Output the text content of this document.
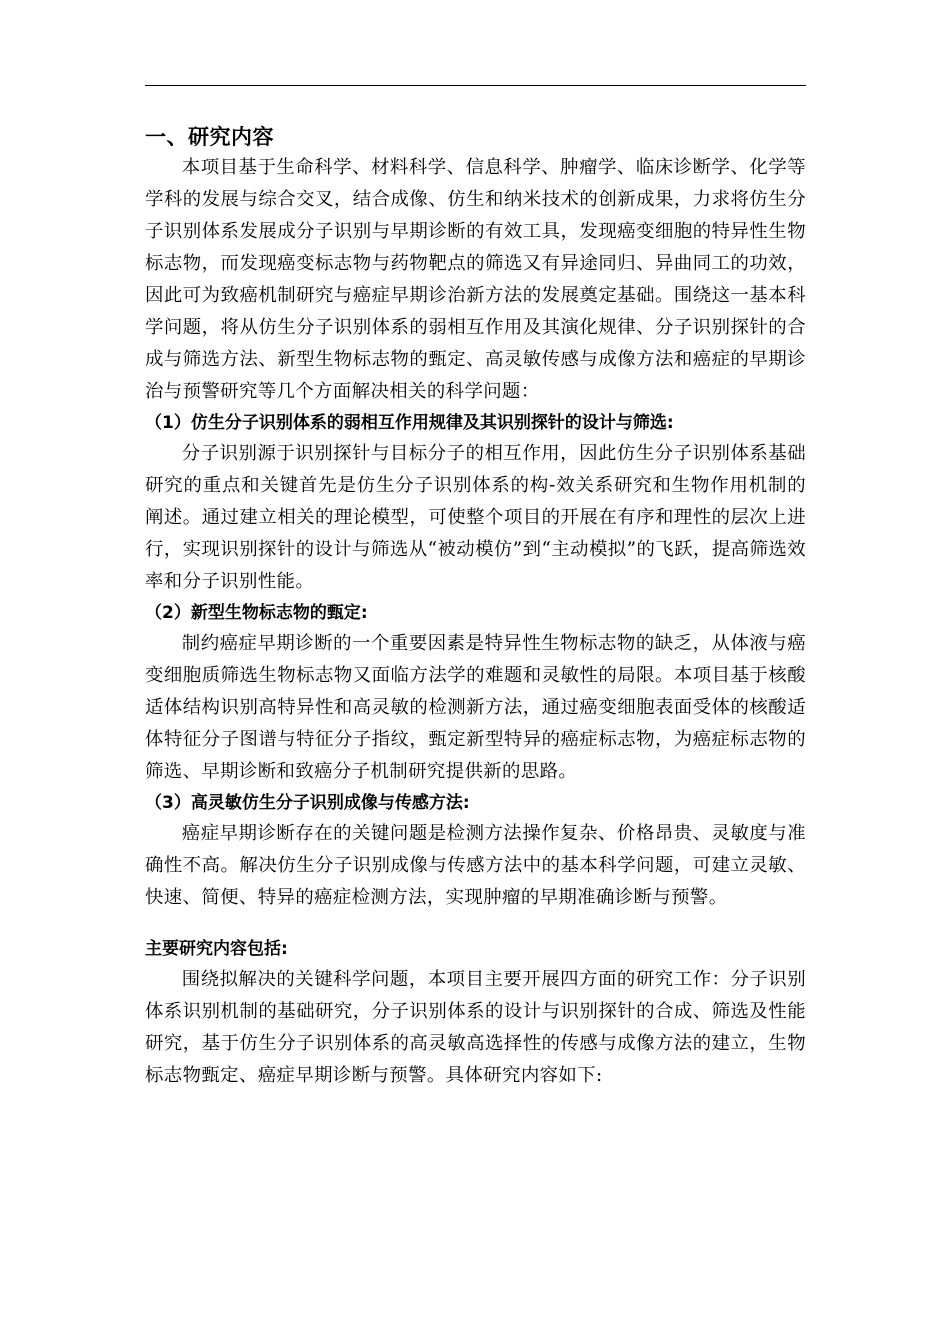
一、研究内容

本项目基于生命科学、材料科学、信息科学、肿瘤学、临床诊断学、化学等学科的发展与综合交叉，结合成像、仿生和纳米技术的创新成果，力求将仿生分子识别体系发展成分子识别与早期诊断的有效工具，发现癌变细胞的特异性生物标志物，而发现癌变标志物与药物靶点的筛选又有异途同归、异曲同工的功效，因此可为致癌机制研究与癌症早期诊治新方法的发展奠定基础。围绕这一基本科学问题，将从仿生分子识别体系的弱相互作用及其演化规律、分子识别探针的合成与筛选方法、新型生物标志物的甄定、高灵敏传感与成像方法和癌症的早期诊治与预警研究等几个方面解决相关的科学问题：

（1）仿生分子识别体系的弱相互作用规律及其识别探针的设计与筛选:

分子识别源于识别探针与目标分子的相互作用，因此仿生分子识别体系基础研究的重点和关键首先是仿生分子识别体系的构-效关系研究和生物作用机制的阐述。通过建立相关的理论模型，可使整个项目的开展在有序和理性的层次上进行，实现识别探针的设计与筛选从“被动模仿”到“主动模拟”的飞跃，提高筛选效率和分子识别性能。

（2）新型生物标志物的甄定:

制约癌症早期诊断的一个重要因素是特异性生物标志物的缺乏，从体液与癌变细胞质筛选生物标志物又面临方法学的难题和灵敏性的局限。本项目基于核酸适体结构识别高特异性和高灵敏的检测新方法，通过癌变细胞表面受体的核酸适体特征分子图谱与特征分子指纹，甄定新型特异的癌症标志物，为癌症标志物的筛选、早期诊断和致癌分子机制研究提供新的思路。

（3）高灵敏仿生分子识别成像与传感方法:

癌症早期诊断存在的关键问题是检测方法操作复杂、价格昂贵、灵敏度与准确性不高。解决仿生分子识别成像与传感方法中的基本科学问题，可建立灵敏、快速、简便、特异的癌症检测方法，实现肿瘤的早期准确诊断与预警。

主要研究内容包括:

围绕拟解决的关键科学问题，本项目主要开展四方面的研究工作：分子识别体系识别机制的基础研究，分子识别体系的设计与识别探针的合成、筛选及性能研究，基于仿生分子识别体系的高灵敏高选择性的传感与成像方法的建立，生物标志物甄定、癌症早期诊断与预警。具体研究内容如下:
